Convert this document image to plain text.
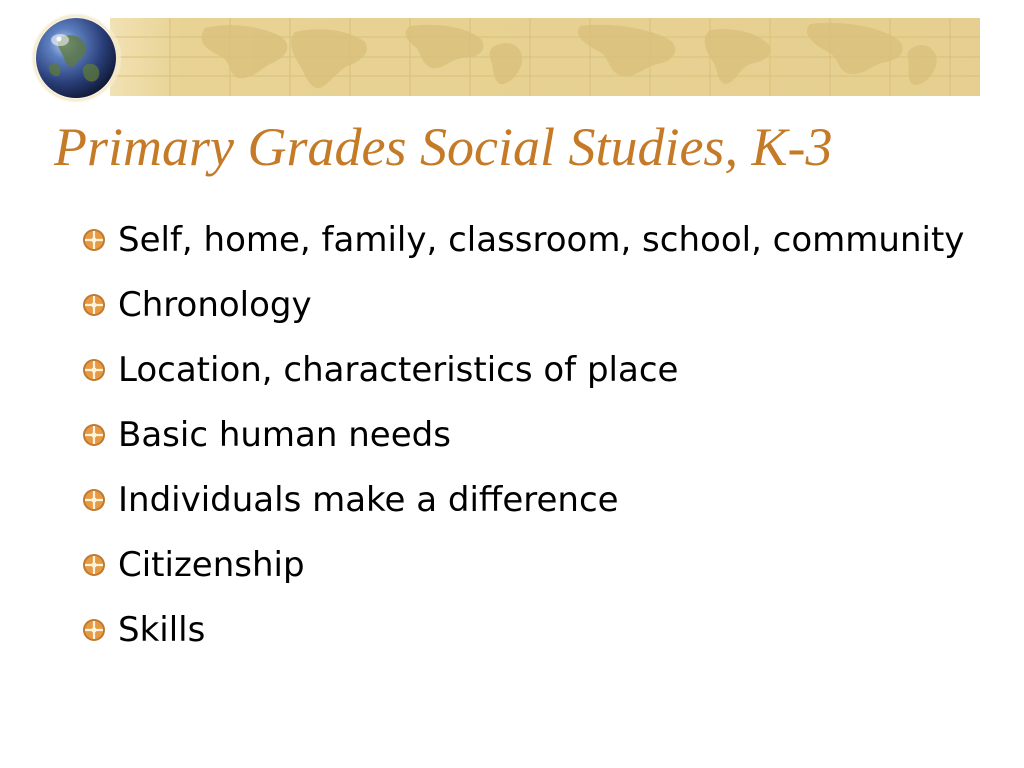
Primary Grades Social Studies, K-3
Self, home, family, classroom, school, community
Chronology
Location, characteristics of place
Basic human needs
Individuals make a difference
Citizenship
Skills
